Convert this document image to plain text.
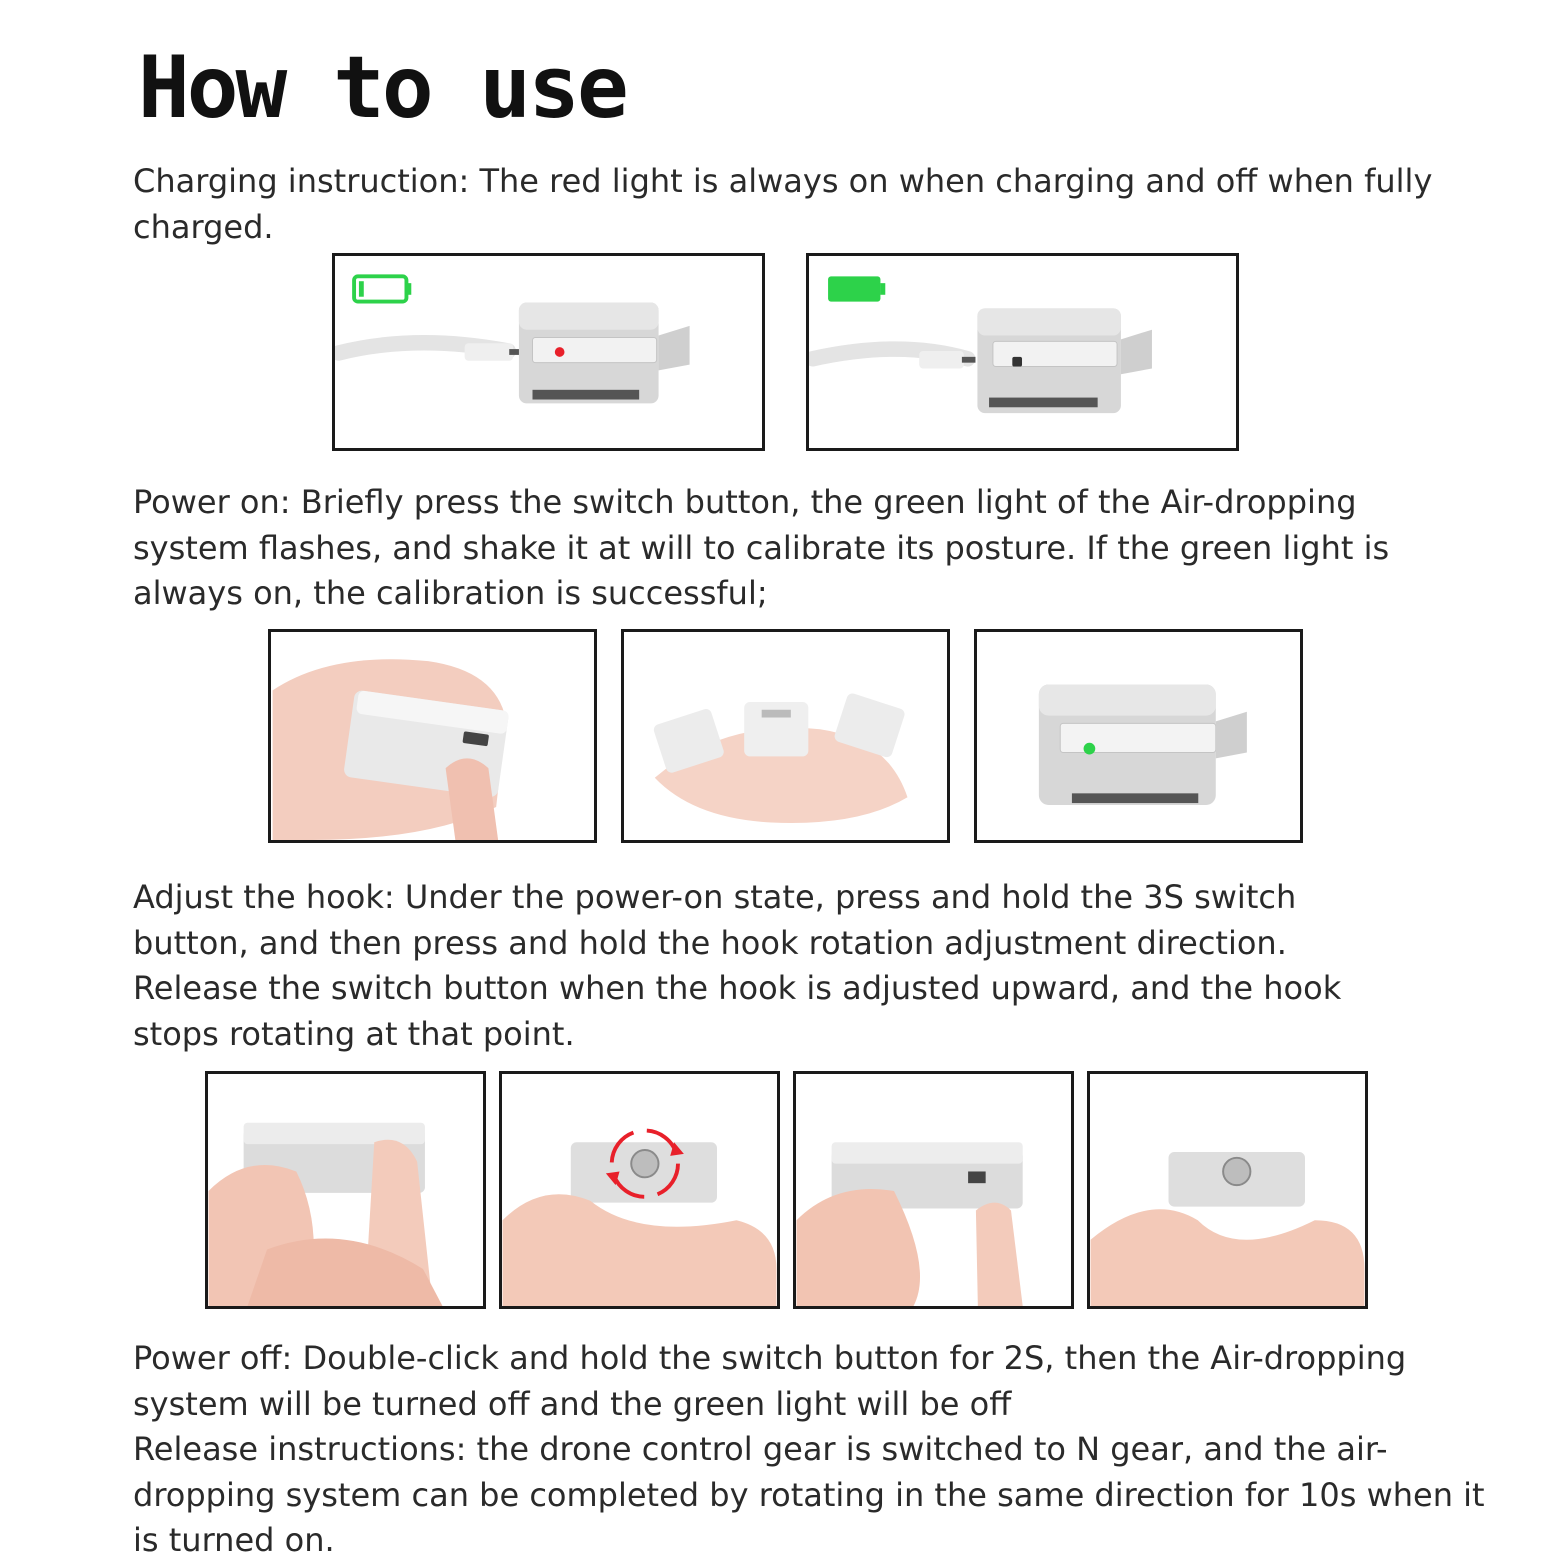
How to use
Charging instruction: The red light is always on when charging and off when fully
charged.
Power on: Briefly press the switch button, the green light of the Air-dropping
system flashes, and shake it at will to calibrate its posture. If the green light is
always on, the calibration is successful;
Adjust the hook: Under the power-on state, press and hold the 3S switch
button, and then press and hold the hook rotation adjustment direction.
Release the switch button when the hook is adjusted upward, and the hook
stops rotating at that point.
Power off: Double-click and hold the switch button for 2S, then the Air-dropping
system will be turned off and the green light will be off
Release instructions: the drone control gear is switched to N gear, and the air-
dropping system can be completed by rotating in the same direction for 10s when it
is turned on.
